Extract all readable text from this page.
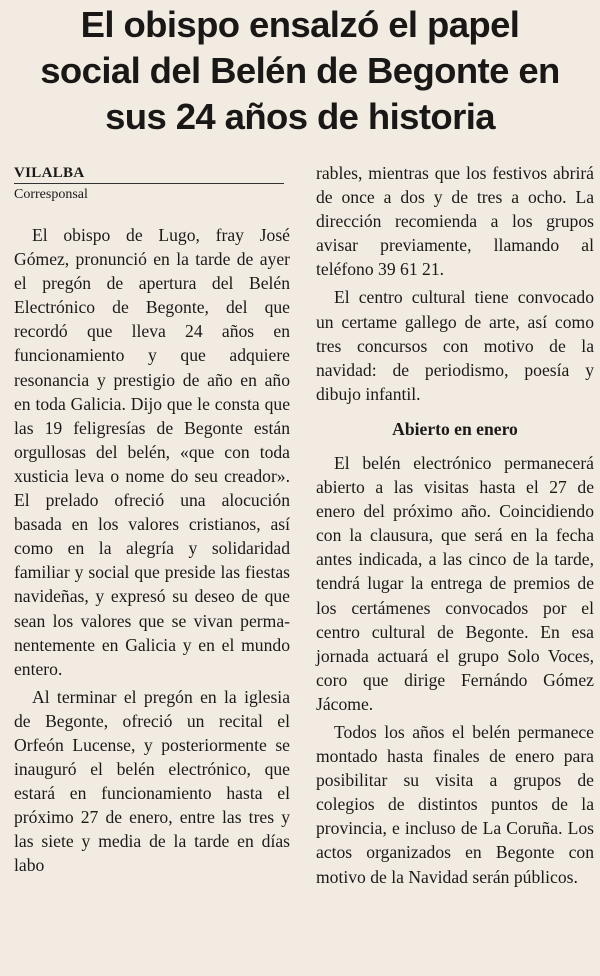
El obispo ensalzó el papel
social del Belén de Begonte en
sus 24 años de historia

VILALBA

Corresponsal

El obispo de Lugo, fray José Gómez, pronunció en la tarde de ayer el pregón de apertura del Belén Electrónico de Begonte, del que recordó que lleva 24 años en funcionamiento y que adquiere resonancia y prestigio de año en año en toda Galicia. Dijo que le consta que las 19 feligresías de Begonte están orgullosas del belén, «que con toda xusticia leva o nome do seu creador». El prelado ofreció una alocución basada en los valores cristianos, así como en la alegría y solidaridad familiar y social que preside las fiestas navideñas, y expresó su deseo de que sean los valores que se vivan permanentemente en Galicia y en el mundo entero.

Al terminar el pregón en la iglesia de Begonte, ofreció un recital el Orfeón Lucense, y posteriormente se inauguró el belén electrónico, que estará en funcionamiento hasta el próximo 27 de enero, entre las tres y las siete y media de la tarde en días labo

rables, mientras que los festivos abrirá de once a dos y de tres a ocho. La dirección recomienda a los grupos avisar previamente, llamando al teléfono 39 61 21.

El centro cultural tiene convocado un certame gallego de arte, así como tres concursos con motivo de la navidad: de periodismo, poesía y dibujo infantil.

Abierto en enero

El belén electrónico permanecerá abierto a las visitas hasta el 27 de enero del próximo año. Coincidiendo con la clausura, que será en la fecha antes indicada, a las cinco de la tarde, tendrá lugar la entrega de premios de los certámenes convocados por el centro cultural de Begonte. En esa jornada actuará el grupo Solo Voces, coro que dirige Fernándo Gómez Jácome.

Todos los años el belén permanece montado hasta finales de enero para posibilitar su visita a grupos de colegios de distintos puntos de la provincia, e incluso de La Coruña. Los actos organizados en Begonte con motivo de la Navidad serán públicos.
